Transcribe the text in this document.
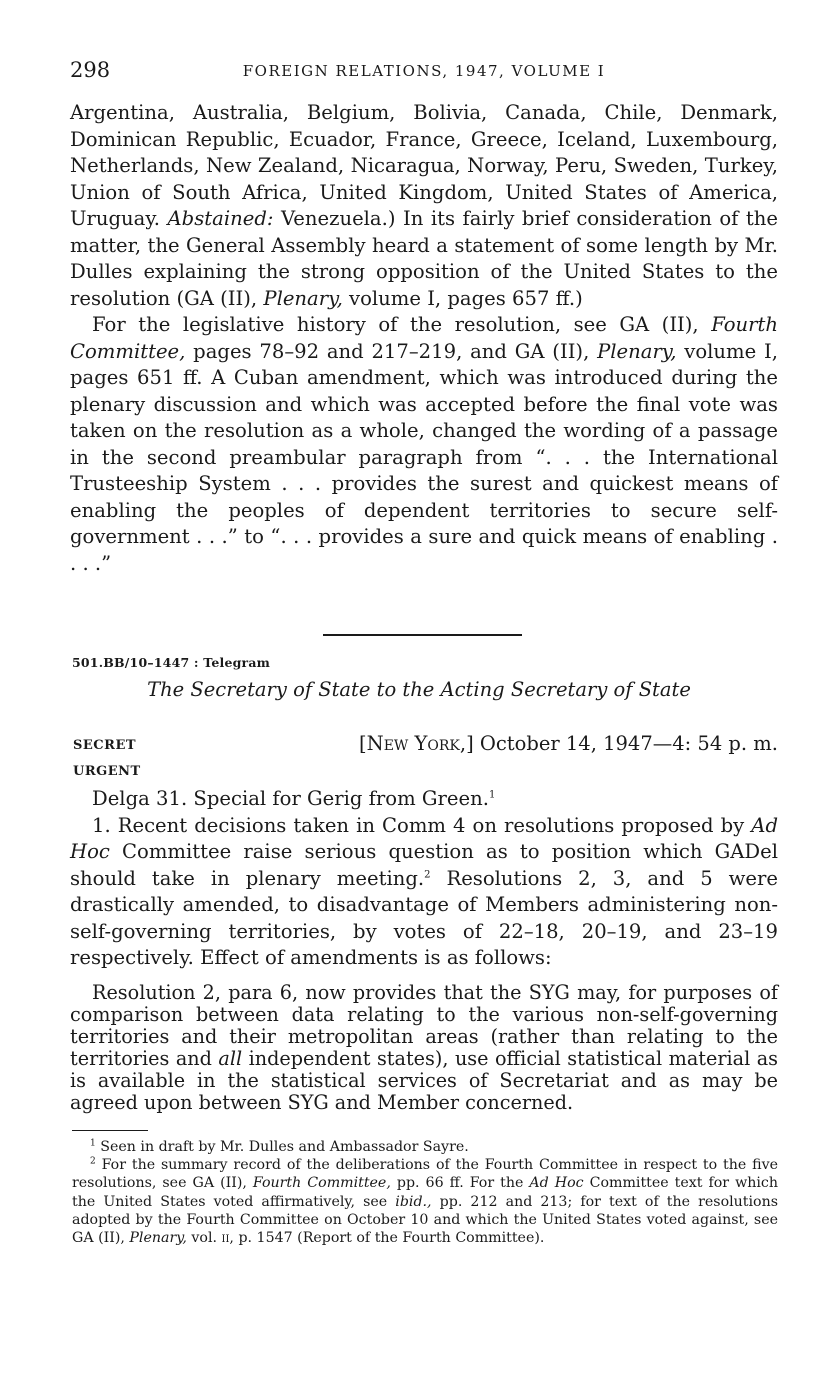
298	FOREIGN RELATIONS, 1947, VOLUME I

Argentina, Australia, Belgium, Bolivia, Canada, Chile, Denmark, Dominican Republic, Ecuador, France, Greece, Iceland, Luxembourg, Netherlands, New Zealand, Nicaragua, Norway, Peru, Sweden, Turkey, Union of South Africa, United Kingdom, United States of America, Uruguay. Abstained: Venezuela.) In its fairly brief consideration of the matter, the General Assembly heard a statement of some length by Mr. Dulles explaining the strong opposition of the United States to the resolution (GA (II), Plenary, volume I, pages 657 ff.)

For the legislative history of the resolution, see GA (II), Fourth Committee, pages 78–92 and 217–219, and GA (II), Plenary, volume I, pages 651 ff. A Cuban amendment, which was introduced during the plenary discussion and which was accepted before the final vote was taken on the resolution as a whole, changed the wording of a passage in the second preambular paragraph from “. . . the International Trusteeship System . . . provides the surest and quickest means of enabling the peoples of dependent territories to secure self-government . . .” to “. . . provides a sure and quick means of enabling . . . .”

501.BB/10–1447 : Telegram
The Secretary of State to the Acting Secretary of State
SECRET
URGENT
[New York,] October 14, 1947—4: 54 p. m.

Delga 31. Special for Gerig from Green.$^1$

1. Recent decisions taken in Comm 4 on resolutions proposed by Ad Hoc Committee raise serious question as to position which GADel should take in plenary meeting.$^2$ Resolutions 2, 3, and 5 were drastically amended, to disadvantage of Members administering non-self-governing territories, by votes of 22–18, 20–19, and 23–19 respectively. Effect of amendments is as follows:

Resolution 2, para 6, now provides that the SYG may, for purposes of comparison between data relating to the various non-self-governing territories and their metropolitan areas (rather than relating to the territories and all independent states), use official statistical material as is available in the statistical services of Secretariat and as may be agreed upon between SYG and Member concerned.

$^1$ Seen in draft by Mr. Dulles and Ambassador Sayre.

$^2$ For the summary record of the deliberations of the Fourth Committee in respect to the five resolutions, see GA (II), Fourth Committee, pp. 66 ff. For the Ad Hoc Committee text for which the United States voted affirmatively, see ibid., pp. 212 and 213; for text of the resolutions adopted by the Fourth Committee on October 10 and which the United States voted against, see GA (II), Plenary, vol. ii, p. 1547 (Report of the Fourth Committee).
